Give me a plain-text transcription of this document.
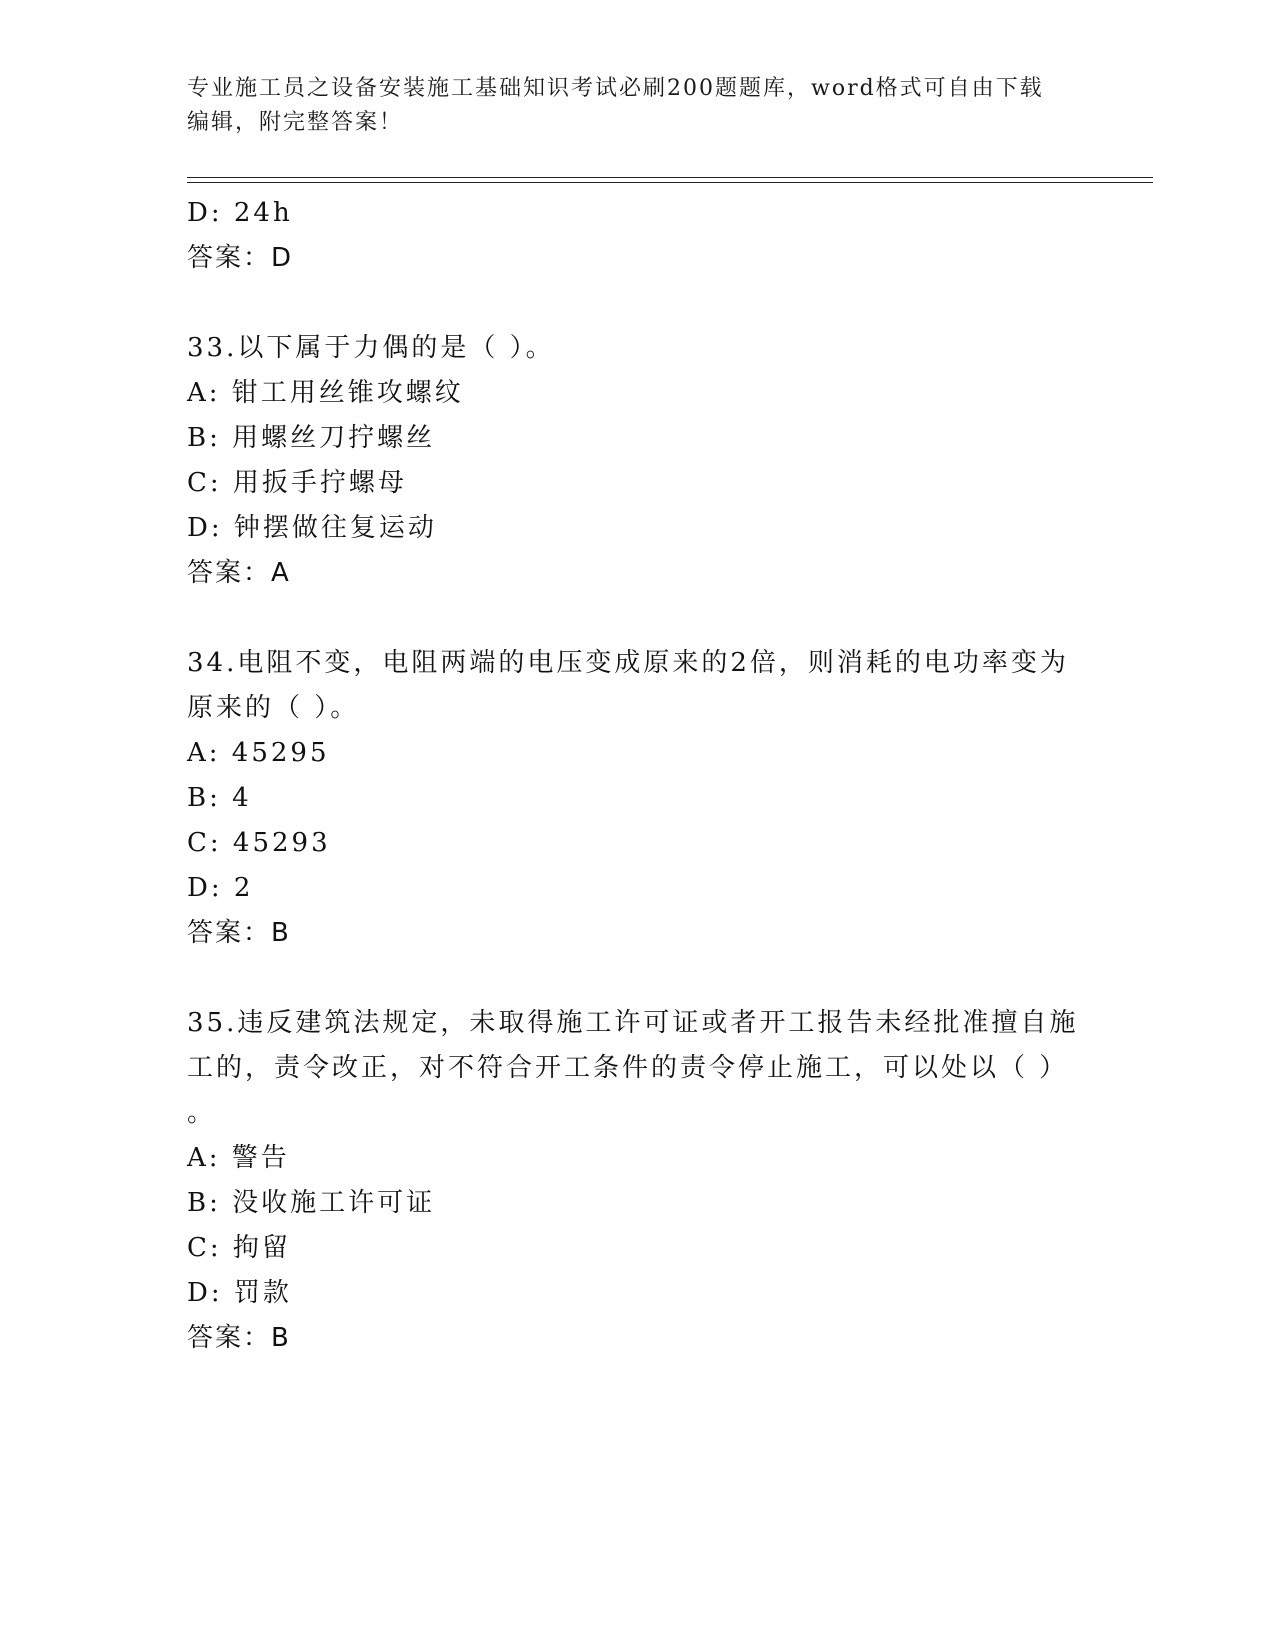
专业施工员之设备安装施工基础知识考试必刷200题题库，word格式可自由下载
编辑，附完整答案！
D: 24h
答案：D
33.以下属于力偶的是（ ）。
A: 钳工用丝锥攻螺纹
B: 用螺丝刀拧螺丝
C: 用扳手拧螺母
D: 钟摆做往复运动
答案：A
34.电阻不变，电阻两端的电压变成原来的2倍，则消耗的电功率变为
原来的（ ）。
A: 45295
B: 4
C: 45293
D: 2
答案：B
35.违反建筑法规定，未取得施工许可证或者开工报告未经批准擅自施
工的，责令改正，对不符合开工条件的责令停止施工，可以处以（ ）
。
A: 警告
B: 没收施工许可证
C: 拘留
D: 罚款
答案：B
